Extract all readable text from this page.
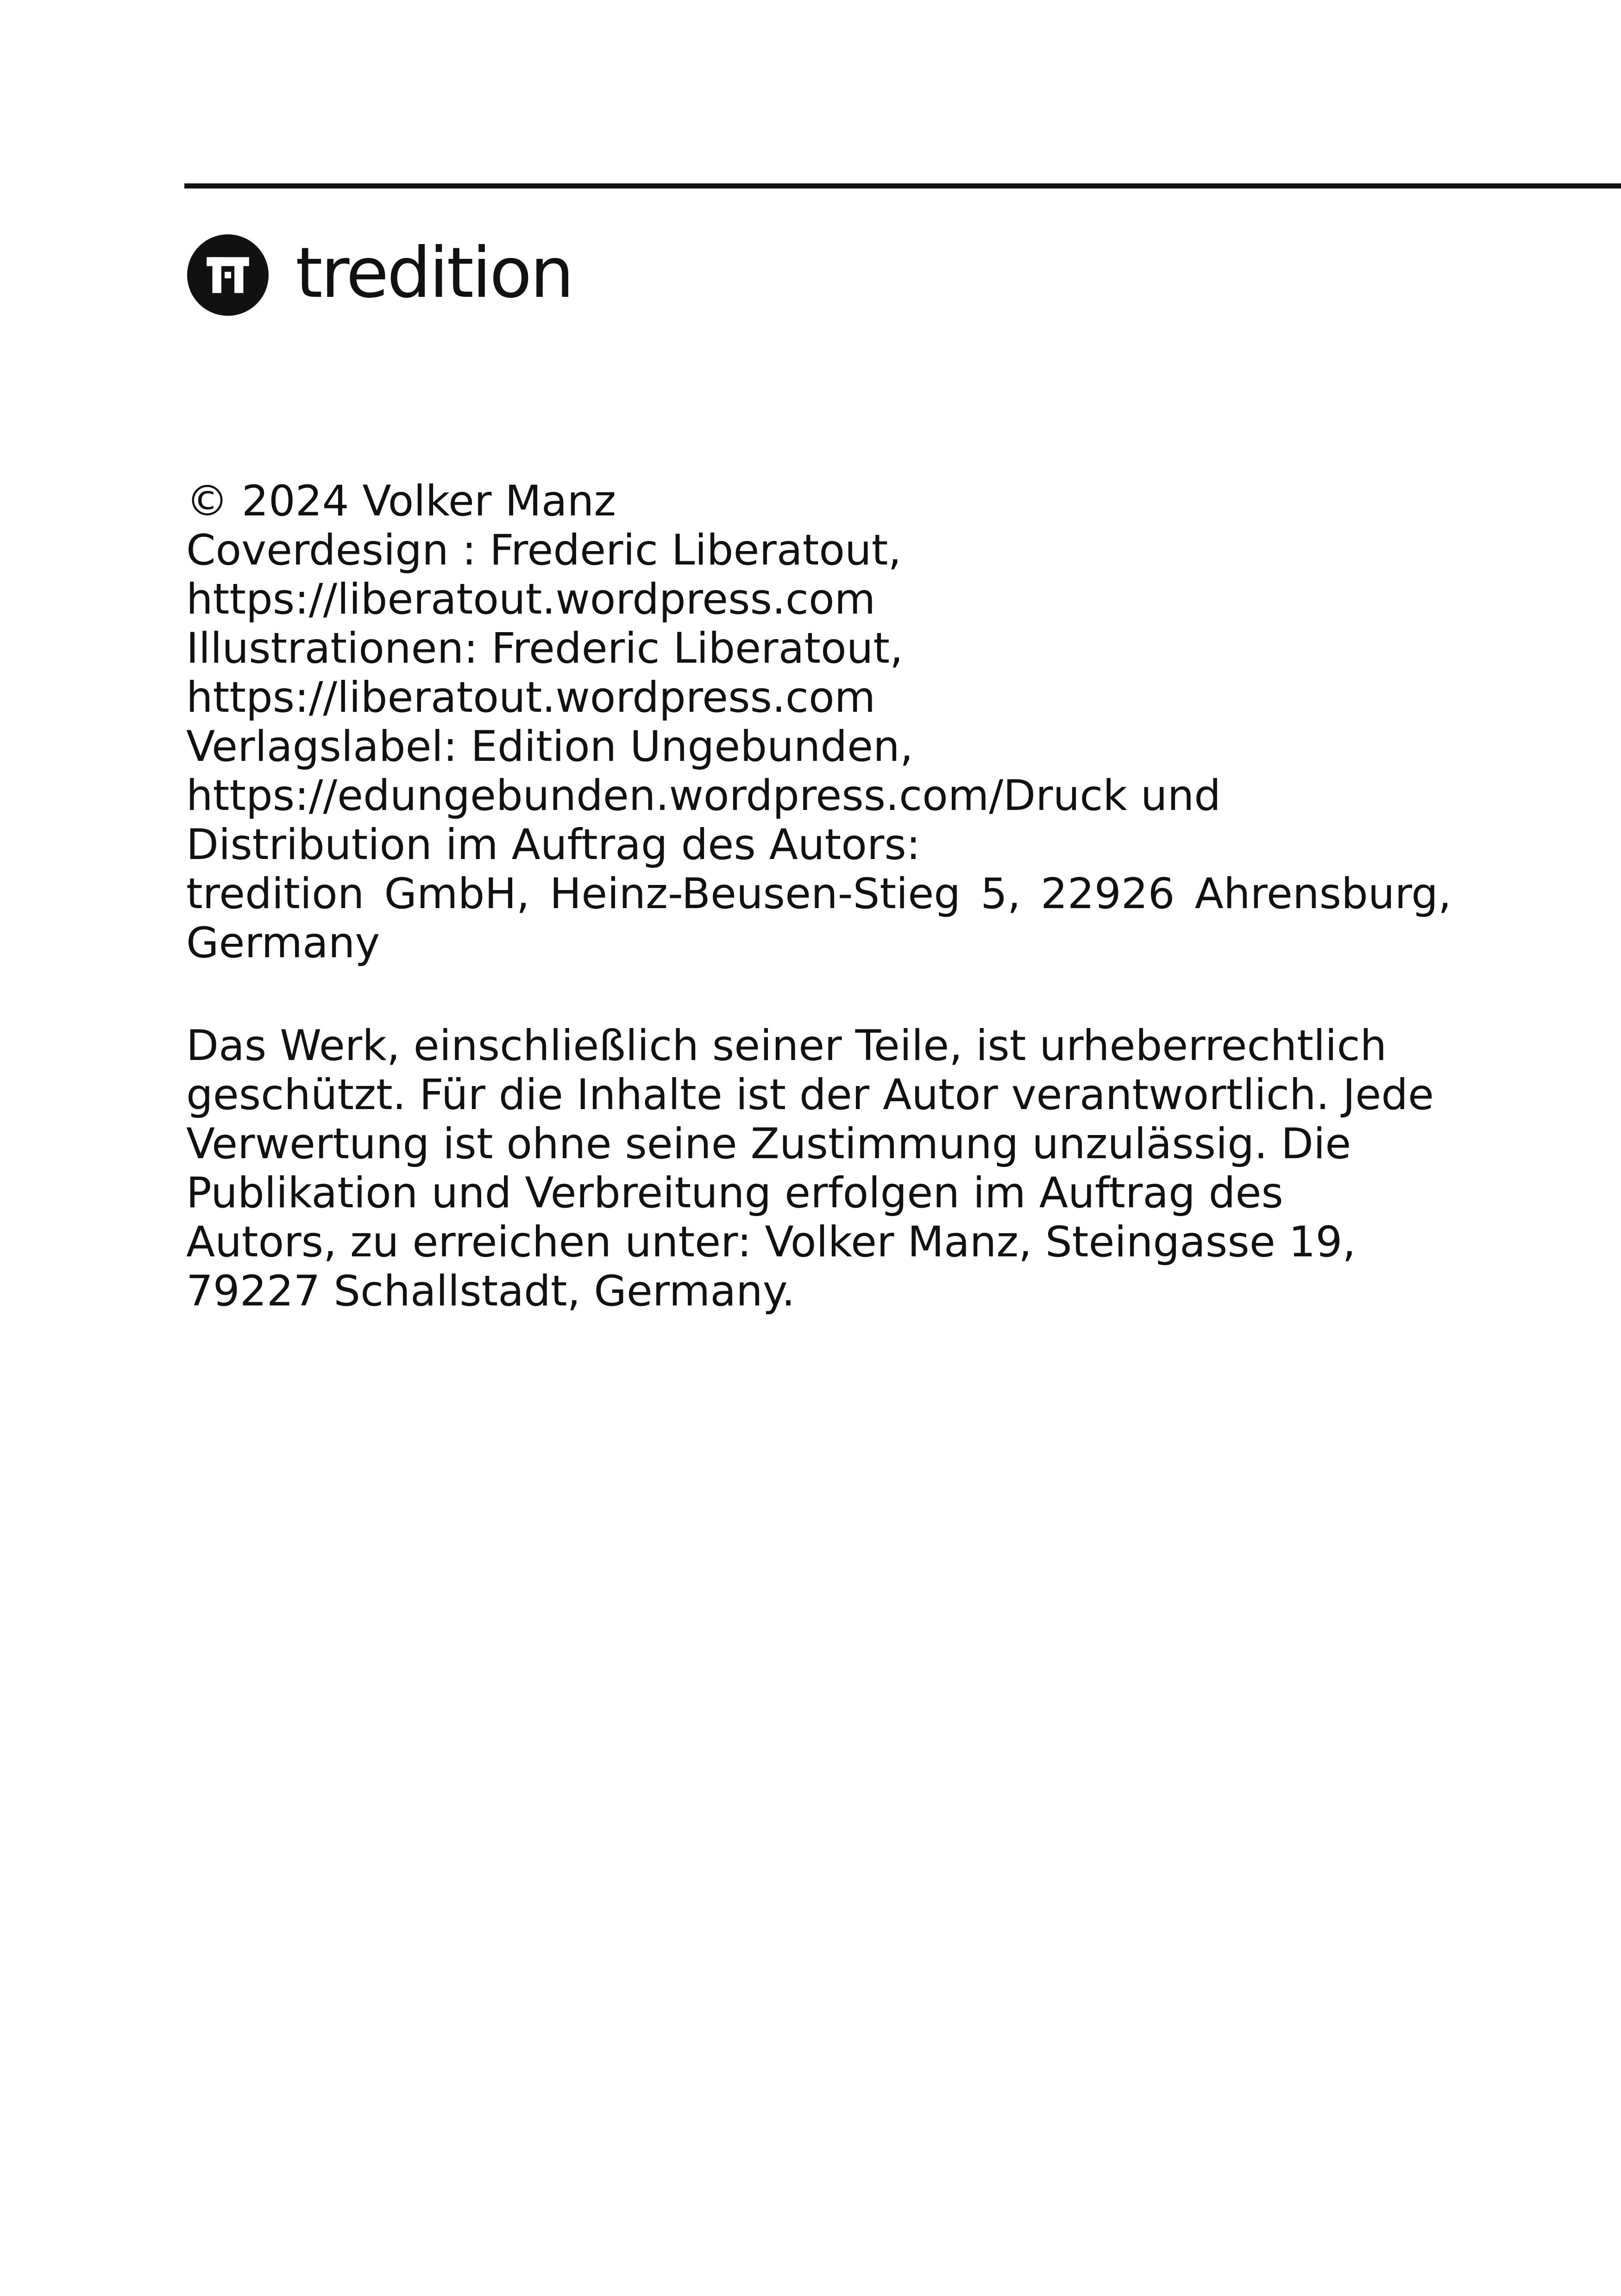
tredition
© 2024 Volker Manz
Coverdesign : Frederic Liberatout,
https://liberatout.wordpress.com
Illustrationen: Frederic Liberatout,
https://liberatout.wordpress.com
Verlagslabel: Edition Ungebunden,
https://edungebunden.wordpress.com/Druck und
Distribution im Auftrag des Autors:
tredition GmbH, Heinz-Beusen-Stieg 5, 22926 Ahrensburg,
Germany
Das Werk, einschließlich seiner Teile, ist urheberrechtlich
geschützt. Für die Inhalte ist der Autor verantwortlich. Jede
Verwertung ist ohne seine Zustimmung unzulässig. Die
Publikation und Verbreitung erfolgen im Auftrag des
Autors, zu erreichen unter: Volker Manz, Steingasse 19,
79227 Schallstadt, Germany.
